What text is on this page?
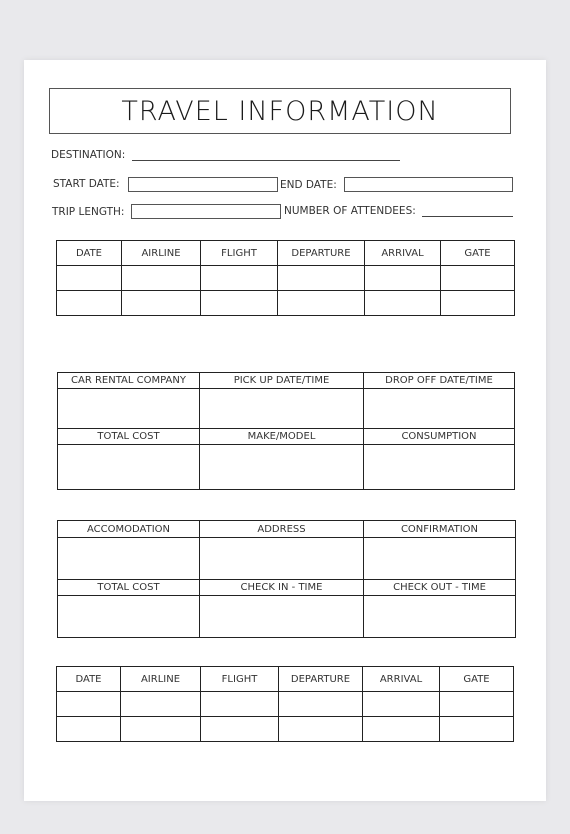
TRAVEL INFORMATION
DESTINATION:
START DATE:	END DATE:
TRIP LENGTH:	NUMBER OF ATTENDEES:
DATE	AIRLINE	FLIGHT	DEPARTURE	ARRIVAL	GATE

CAR RENTAL COMPANY	PICK UP DATE/TIME	DROP OFF DATE/TIME

TOTAL COST	MAKE/MODEL	CONSUMPTION

ACCOMODATION	ADDRESS	CONFIRMATION

TOTAL COST	CHECK IN - TIME	CHECK OUT - TIME

DATE	AIRLINE	FLIGHT	DEPARTURE	ARRIVAL	GATE
